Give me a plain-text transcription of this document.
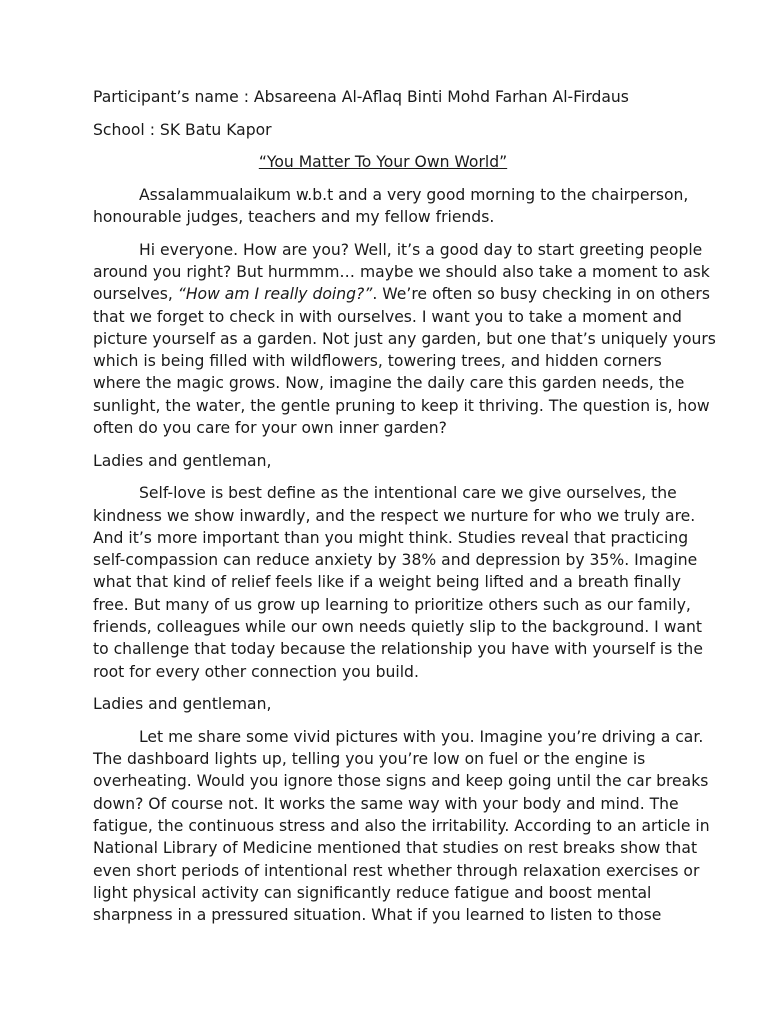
Participant’s name : Absareena Al-Aflaq Binti Mohd Farhan Al-Firdaus
School : SK Batu Kapor
“You Matter To Your Own World”
Assalammualaikum w.b.t and a very good morning to the chairperson,
honourable judges, teachers and my fellow friends.
Hi everyone. How are you? Well, it’s a good day to start greeting people
around you right? But hurmmm… maybe we should also take a moment to ask
ourselves, “How am I really doing?”. We’re often so busy checking in on others
that we forget to check in with ourselves. I want you to take a moment and
picture yourself as a garden. Not just any garden, but one that’s uniquely yours
which is being filled with wildflowers, towering trees, and hidden corners
where the magic grows. Now, imagine the daily care this garden needs, the
sunlight, the water, the gentle pruning to keep it thriving. The question is, how
often do you care for your own inner garden?
Ladies and gentleman,
Self-love is best define as the intentional care we give ourselves, the
kindness we show inwardly, and the respect we nurture for who we truly are.
And it’s more important than you might think. Studies reveal that practicing
self-compassion can reduce anxiety by 38% and depression by 35%. Imagine
what that kind of relief feels like if a weight being lifted and a breath finally
free. But many of us grow up learning to prioritize others such as our family,
friends, colleagues while our own needs quietly slip to the background. I want
to challenge that today because the relationship you have with yourself is the
root for every other connection you build.
Ladies and gentleman,
Let me share some vivid pictures with you. Imagine you’re driving a car.
The dashboard lights up, telling you you’re low on fuel or the engine is
overheating. Would you ignore those signs and keep going until the car breaks
down? Of course not. It works the same way with your body and mind. The
fatigue, the continuous stress and also the irritability. According to an article in
National Library of Medicine mentioned that studies on rest breaks show that
even short periods of intentional rest whether through relaxation exercises or
light physical activity can significantly reduce fatigue and boost mental
sharpness in a pressured situation. What if you learned to listen to those
